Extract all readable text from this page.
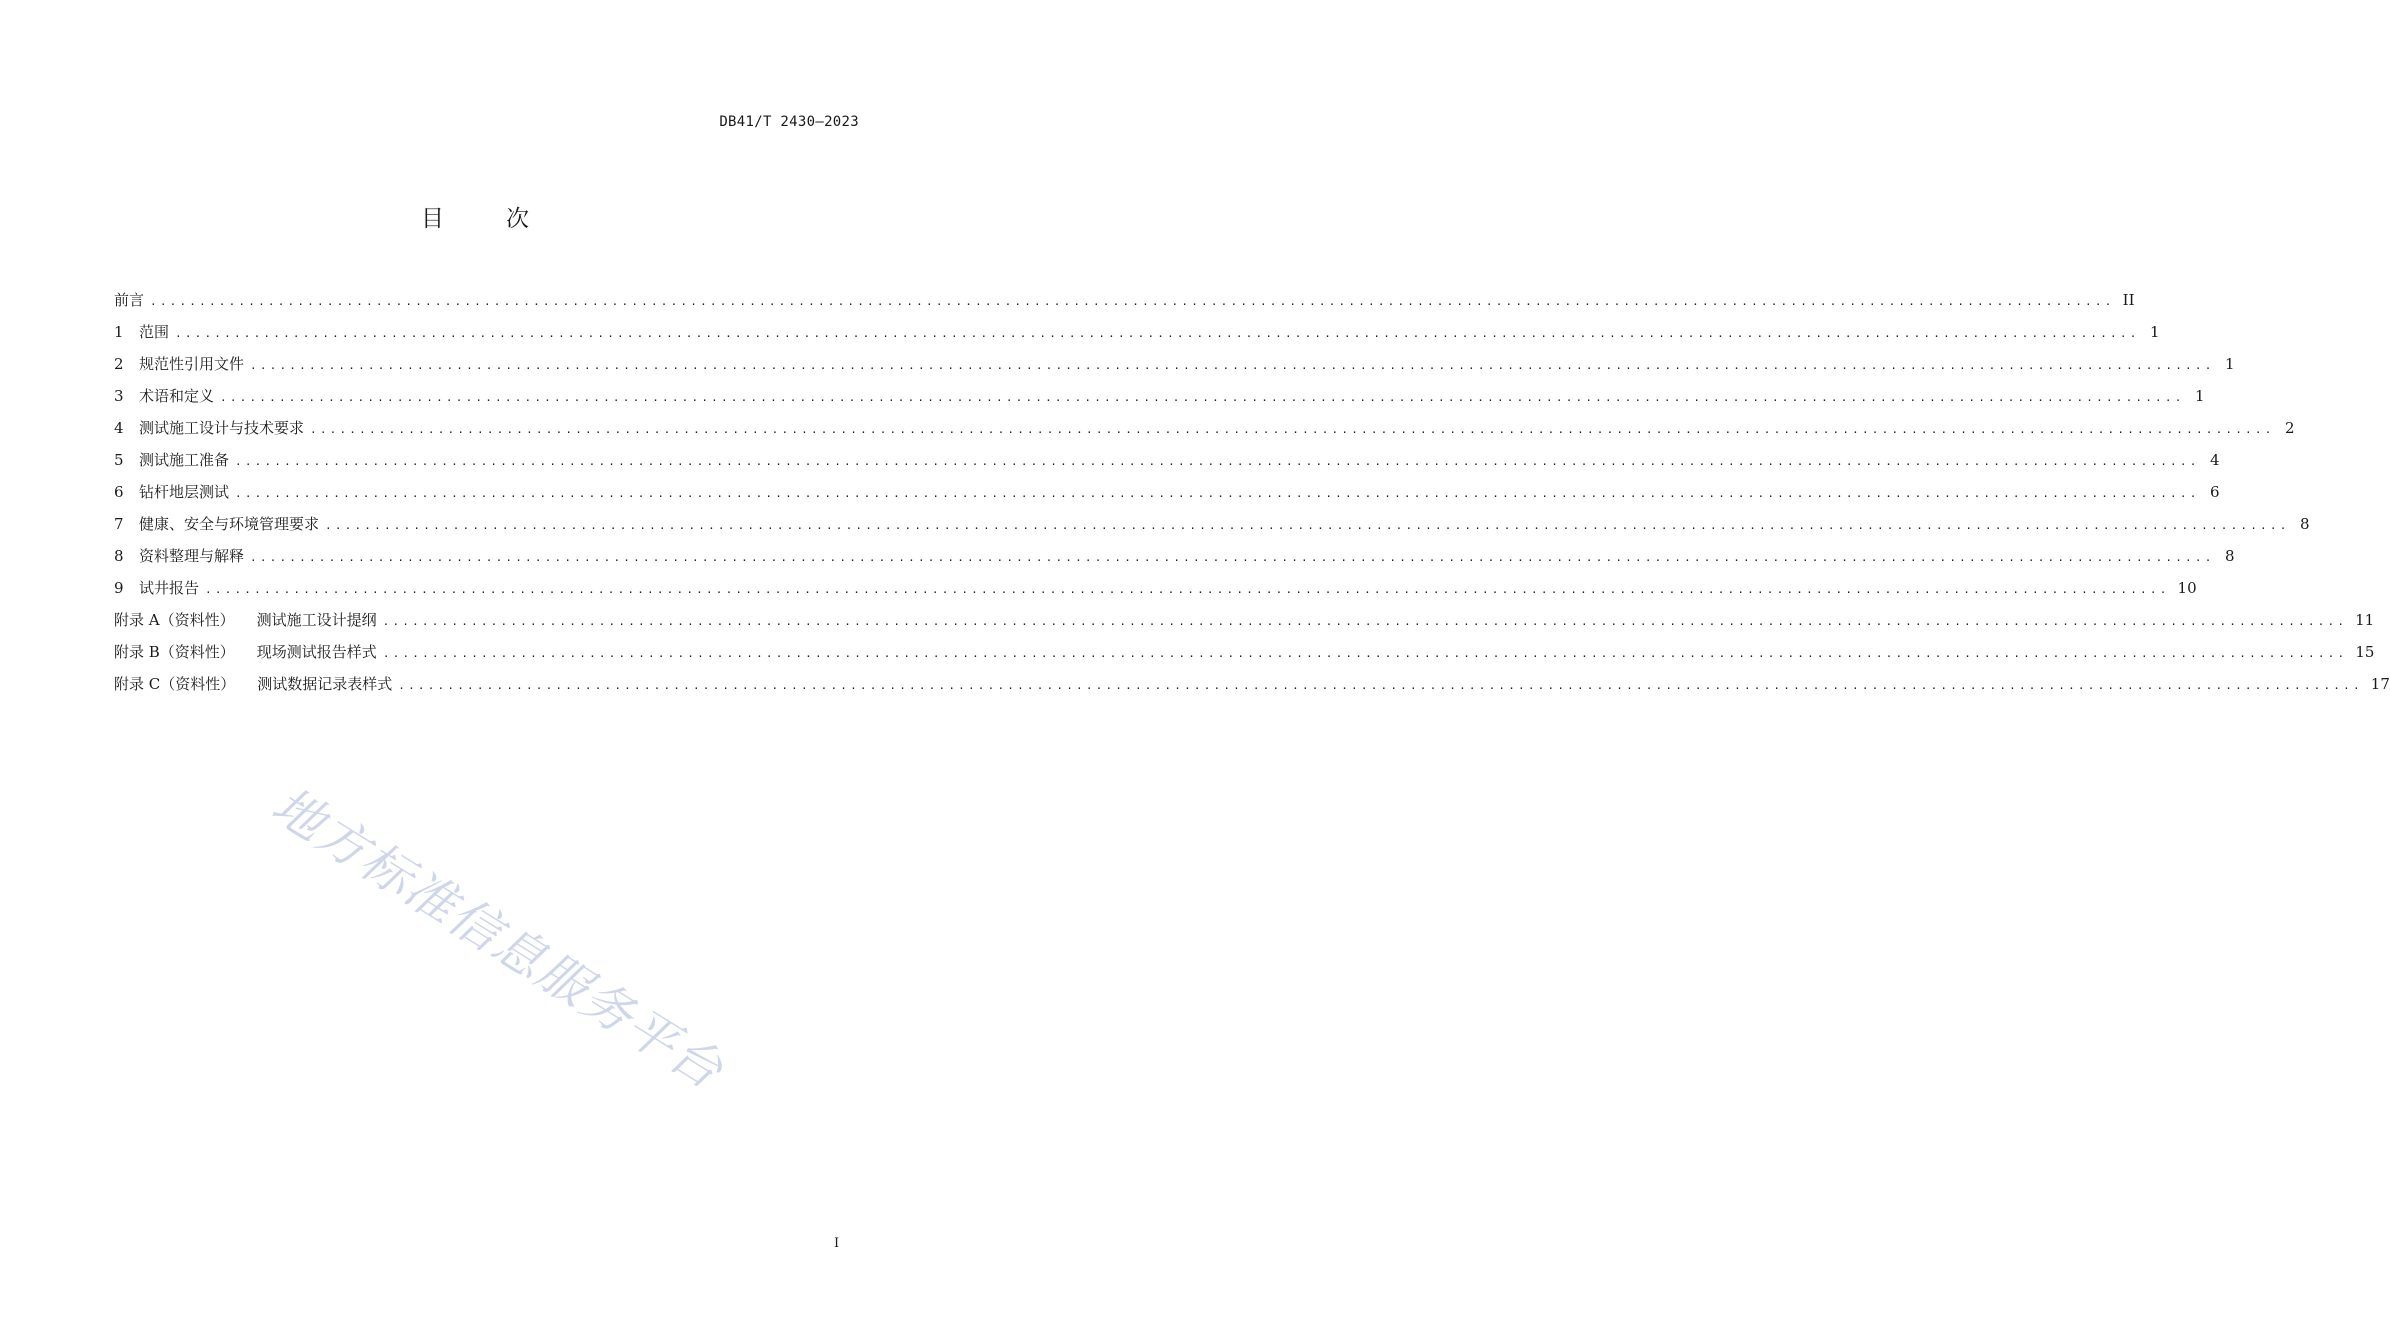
DB41/T 2430—2023
目	次
前言 ........................................................................................................................................................................................................ II
1	范围 ........................................................................................................................................................................................................ 1
2	规范性引用文件 ........................................................................................................................................................................................................ 1
3	术语和定义 ........................................................................................................................................................................................................ 1
4	测试施工设计与技术要求 ........................................................................................................................................................................................................ 2
5	测试施工准备 ........................................................................................................................................................................................................ 4
6	钻杆地层测试 ........................................................................................................................................................................................................ 6
7	健康、安全与环境管理要求 ........................................................................................................................................................................................................ 8
8	资料整理与解释 ........................................................................................................................................................................................................ 8
9	试井报告 ........................................................................................................................................................................................................ 10
附录 A（资料性） 测试施工设计提纲 ........................................................................................................................................................................................................ 11
附录 B（资料性） 现场测试报告样式 ........................................................................................................................................................................................................ 15
附录 C（资料性） 测试数据记录表样式 ........................................................................................................................................................................................................ 17
地方标准信息服务平台
I
